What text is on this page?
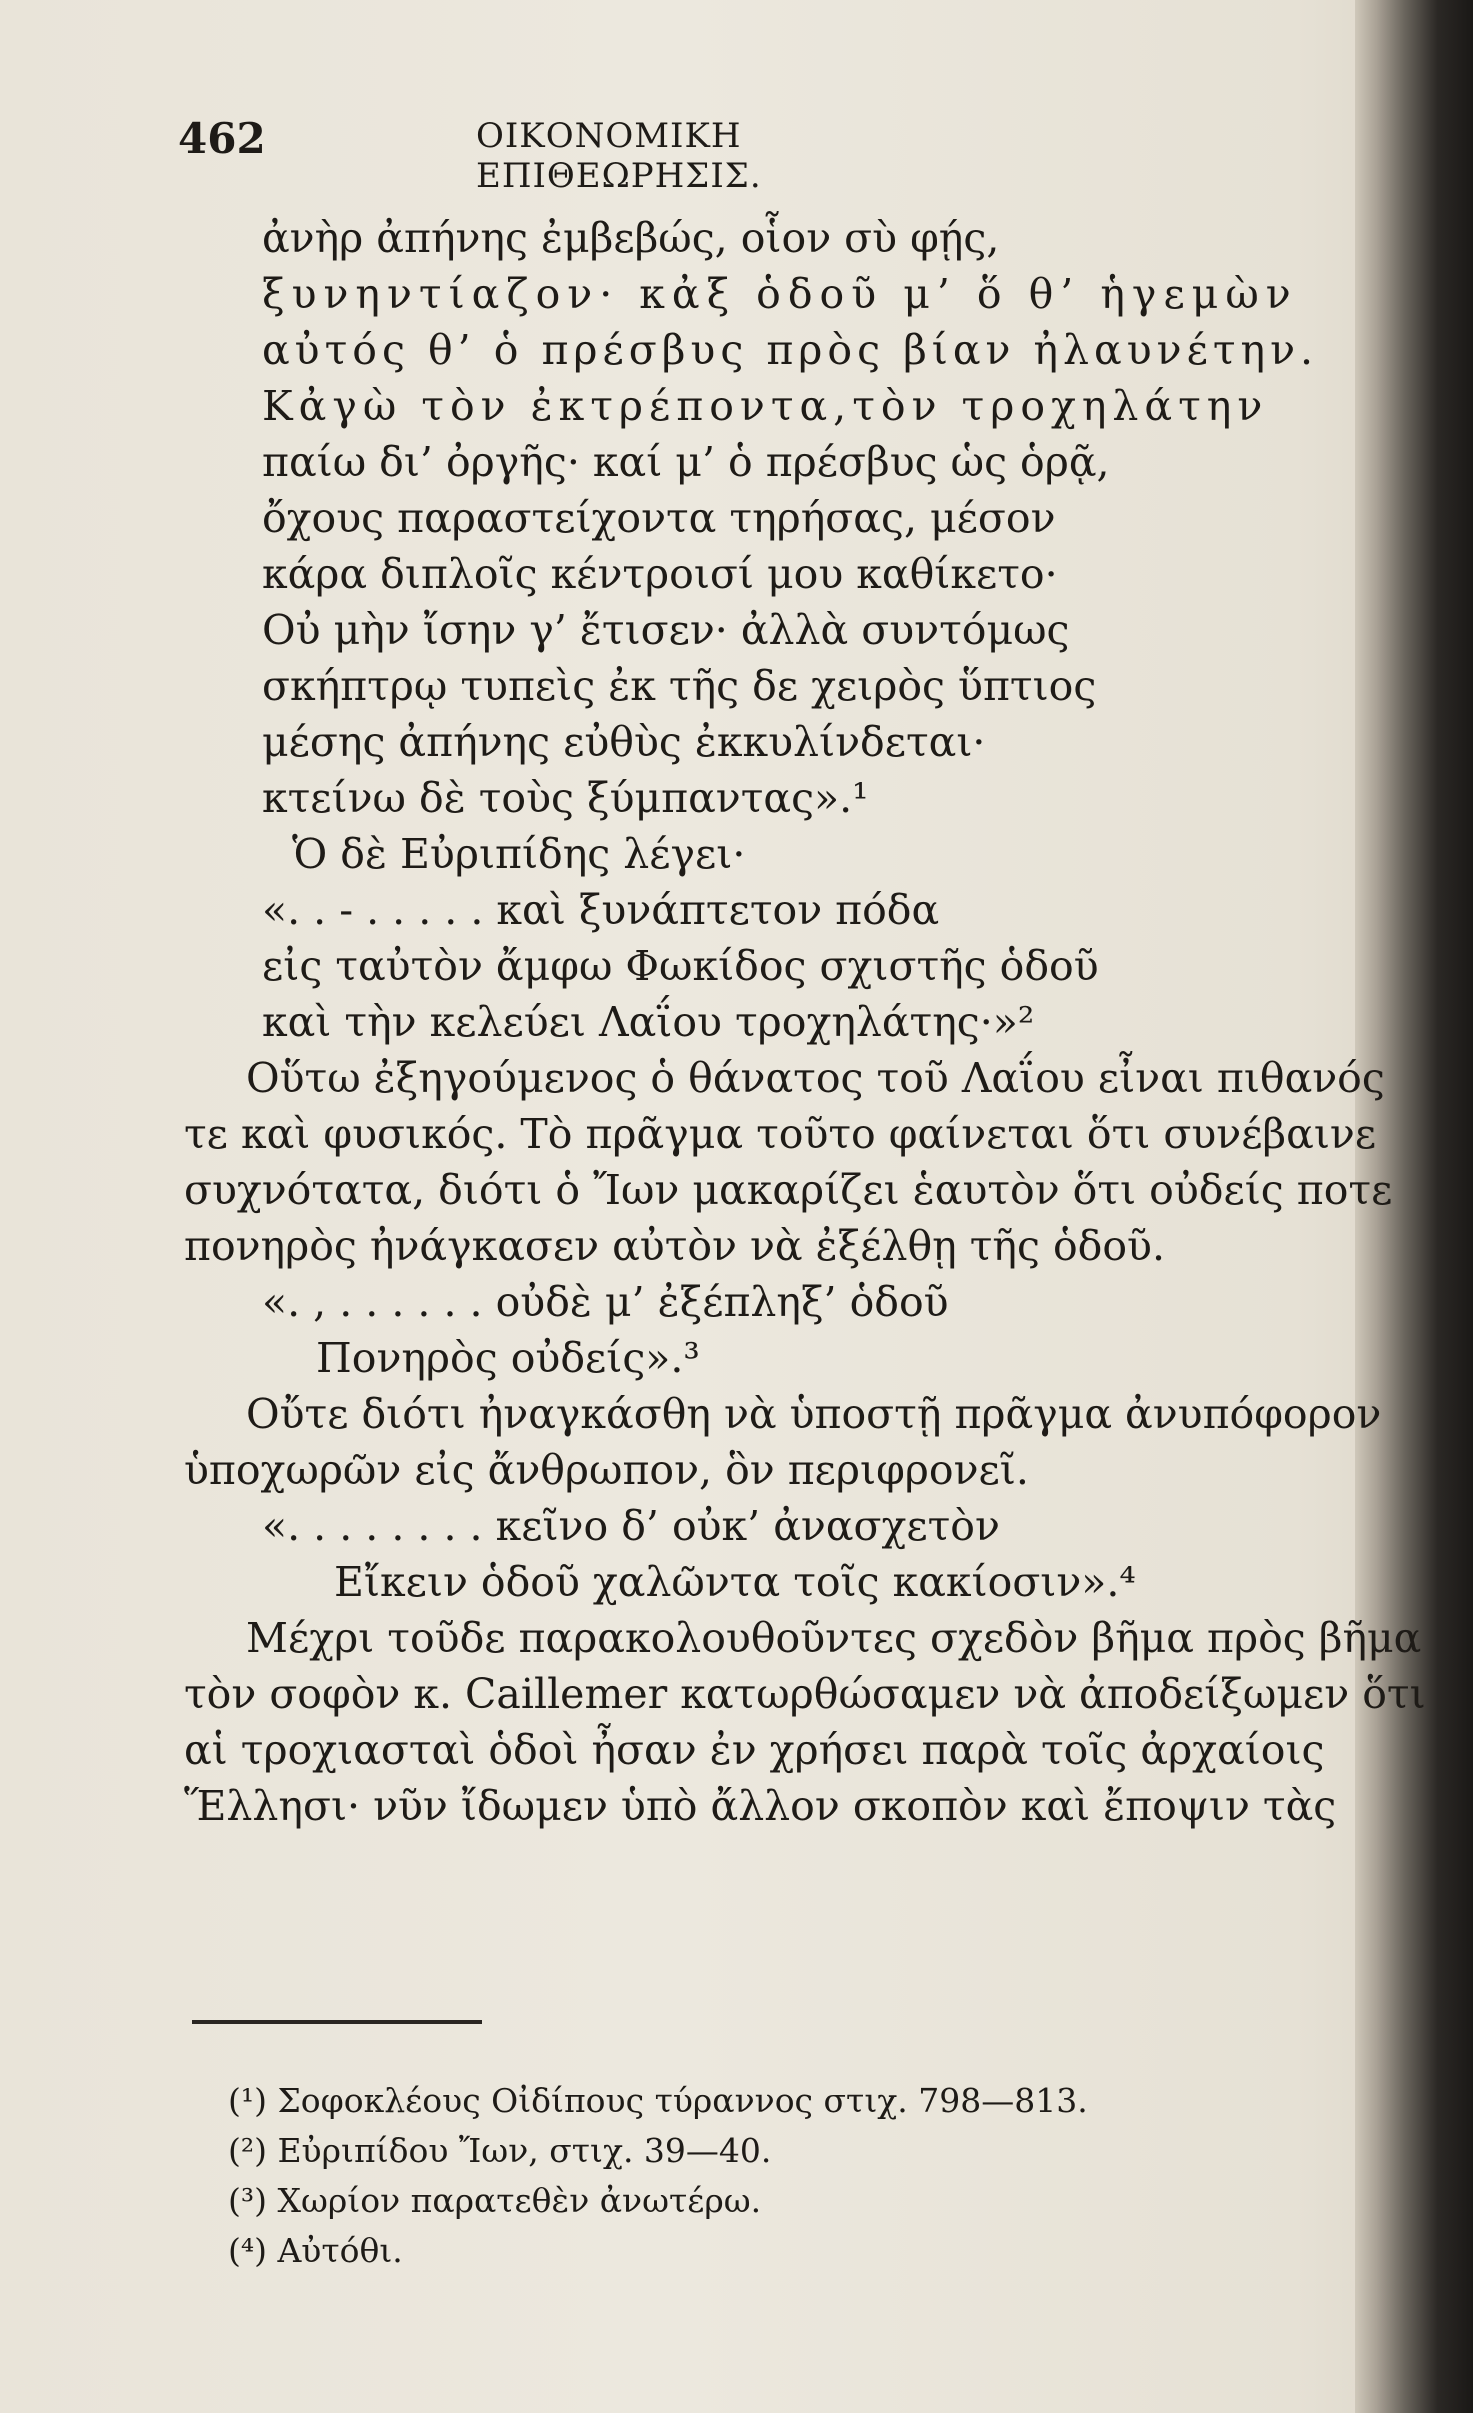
462	ΟΙΚΟΝΟΜΙΚΗ ΕΠΙΘΕΩΡΗΣΙΣ.
ἀνὴρ ἀπήνης ἐμβεβώς, οἷον σὺ φῄς,
ξυνηντίαζον· κἀξ ὁδοῦ μ’ ὅ θ’ ἡγεμὼν
αὐτός θ’ ὁ πρέσβυς πρὸς βίαν ἠλαυνέτην.
Κἀγὼ τὸν ἐκτρέποντα,τὸν τροχηλάτην
παίω δι’ ὀργῆς· καί μ’ ὁ πρέσβυς ὡς ὁρᾷ,
ὄχους παραστείχοντα τηρήσας, μέσον
κάρα διπλοῖς κέντροισί μου καθίκετο·
Οὐ μὴν ἴσην γ’ ἔτισεν· ἀλλὰ συντόμως
σκήπτρῳ τυπεὶς ἐκ τῆς δε χειρὸς ὕπτιος
μέσης ἀπήνης εὐθὺς ἐκκυλίνδεται·
κτείνω δὲ τοὺς ξύμπαντας».¹
Ὁ δὲ Εὐριπίδης λέγει·
«. . - . . . . . καὶ ξυνάπτετον πόδα
εἰς ταὐτὸν ἄμφω Φωκίδος σχιστῆς ὁδοῦ
καὶ τὴν κελεύει Λαΐου τροχηλάτης·»²
Οὕτω ἐξηγούμενος ὁ θάνατος τοῦ Λαΐου εἶναι πιθανός
τε καὶ φυσικός. Τὸ πρᾶγμα τοῦτο φαίνεται ὅτι συνέβαινε
συχνότατα, διότι ὁ Ἴων μακαρίζει ἑαυτὸν ὅτι οὐδείς ποτε
πονηρὸς ἠνάγκασεν αὐτὸν νὰ ἐξέλθῃ τῆς ὁδοῦ.
«. , . . . . . . οὐδὲ μ’ ἐξέπληξ’ ὁδοῦ
Πονηρὸς οὐδείς».³
Οὔτε διότι ἠναγκάσθη νὰ ὑποστῇ πρᾶγμα ἀνυπόφορον
ὑποχωρῶν εἰς ἄνθρωπον, ὃν περιφρονεῖ.
«. . . . . . . . κεῖνο δ’ οὐκ’ ἀνασχετὸν
Εἴκειν ὁδοῦ χαλῶντα τοῖς κακίοσιν».⁴
Μέχρι τοῦδε παρακολουθοῦντες σχεδὸν βῆμα πρὸς βῆμα
τὸν σοφὸν κ. Caillemer κατωρθώσαμεν νὰ ἀποδείξωμεν ὅτι
αἱ τροχιασταὶ ὁδοὶ ἦσαν ἐν χρήσει παρὰ τοῖς ἀρχαίοις
Ἕλλησι· νῦν ἴδωμεν ὑπὸ ἄλλον σκοπὸν καὶ ἔποψιν τὰς
(¹) Σοφοκλέους Οἰδίπους τύραννος στιχ. 798—813.
(²) Εὐριπίδου Ἴων, στιχ. 39—40.
(³) Χωρίον παρατεθὲν ἀνωτέρω.
(⁴) Αὐτόθι.
